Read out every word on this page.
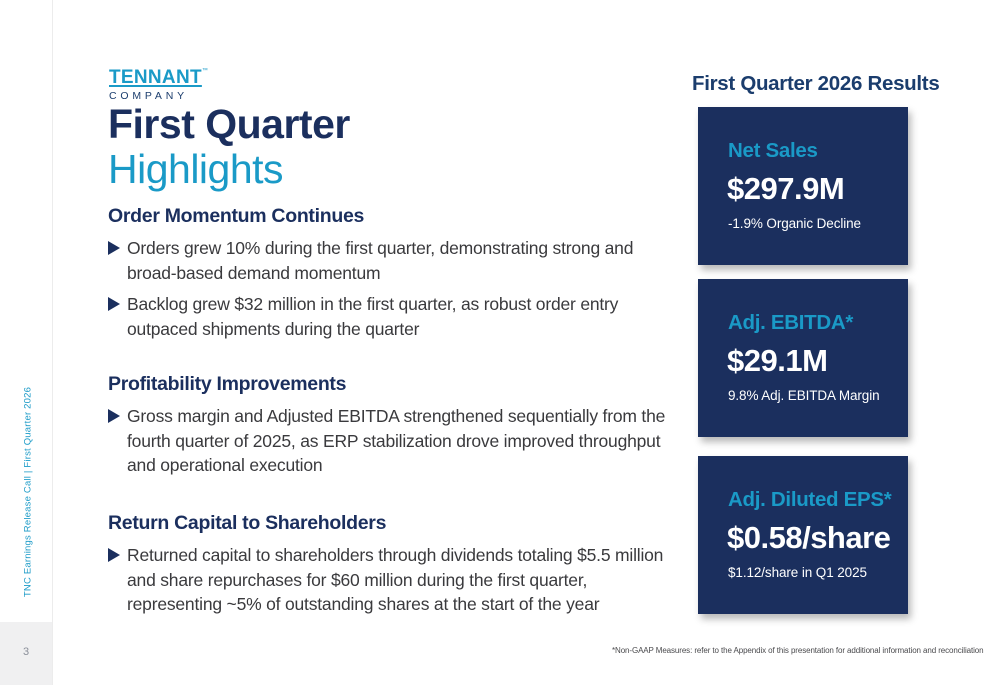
3
TNC Earnings Release Call | First Quarter 2026
TENNANT™
COMPANY
First Quarter
Highlights
Order Momentum Continues
Orders grew 10% during the first quarter, demonstrating strong and broad-based demand momentum
Backlog grew $32 million in the first quarter, as robust order entry outpaced shipments during the quarter
Profitability Improvements
Gross margin and Adjusted EBITDA strengthened sequentially from the fourth quarter of 2025, as ERP stabilization drove improved throughput and operational execution
Return Capital to Shareholders
Returned capital to shareholders through dividends totaling $5.5 million and share repurchases for $60 million during the first quarter, representing ~5% of outstanding shares at the start of the year
First Quarter 2026 Results
Net Sales
$297.9M
-1.9% Organic Decline
Adj. EBITDA*
$29.1M
9.8% Adj. EBITDA Margin
Adj. Diluted EPS*
$0.58/share
$1.12/share in Q1 2025
*Non-GAAP Measures: refer to the Appendix of this presentation for additional information and reconciliation
